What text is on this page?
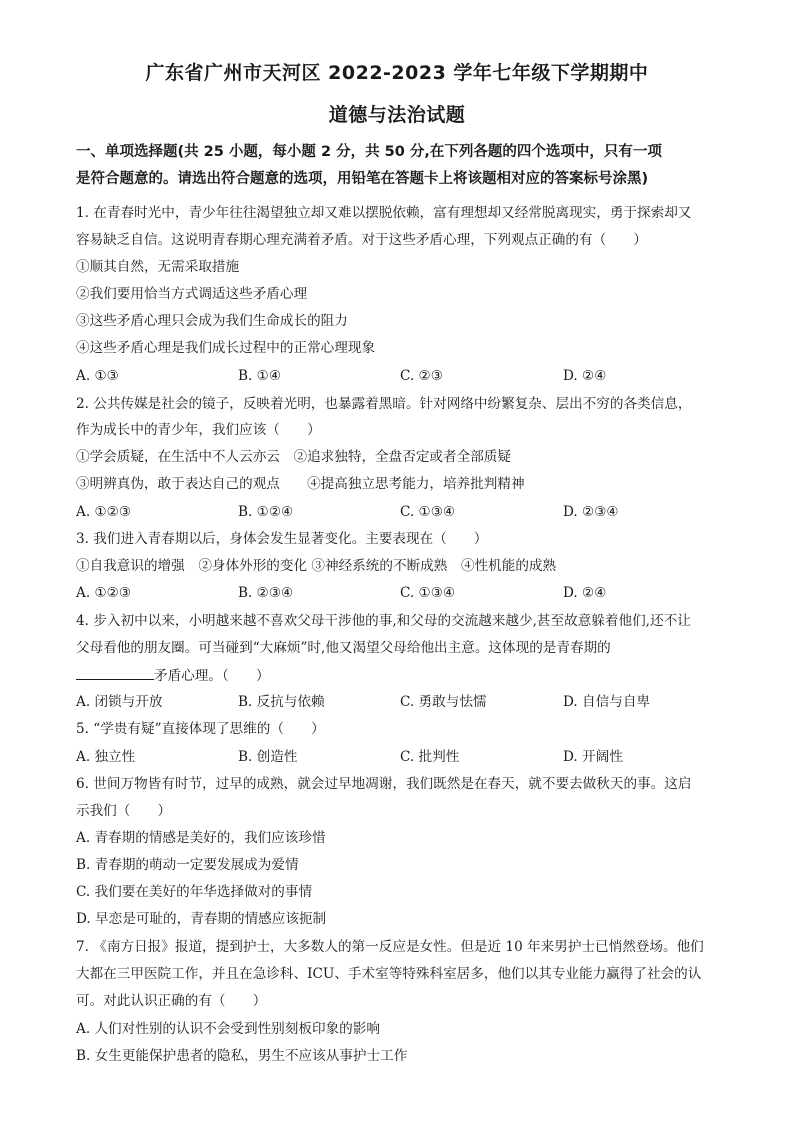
广东省广州市天河区 2022-2023 学年七年级下学期期中
道德与法治试题
一、单项选择题(共 25 小题，每小题 2 分，共 50 分,在下列各题的四个选项中，只有一项 是符合题意的。请选出符合题意的选项，用铅笔在答题卡上将该题相对应的答案标号涂黑)
1. 在青春时光中，青少年往往渴望独立却又难以摆脱依赖，富有理想却又经常脱离现实，勇于探索却又
容易缺乏自信。这说明青春期心理充满着矛盾。对于这些矛盾心理，下列观点正确的有（　　）
①顺其自然，无需采取措施
②我们要用恰当方式调适这些矛盾心理
③这些矛盾心理只会成为我们生命成长的阻力
④这些矛盾心理是我们成长过程中的正常心理现象
A. ①③	B. ①④	C. ②③	D. ②④
2. 公共传媒是社会的镜子，反映着光明，也暴露着黑暗。针对网络中纷繁复杂、层出不穷的各类信息，
作为成长中的青少年，我们应该（　　）
①学会质疑，在生活中不人云亦云　②追求独特，全盘否定或者全部质疑
③明辨真伪，敢于表达自己的观点　　④提高独立思考能力，培养批判精神
A. ①②③	B. ①②④	C. ①③④	D. ②③④
3. 我们进入青春期以后，身体会发生显著变化。主要表现在（　　）
①自我意识的增强　②身体外形的变化 ③神经系统的不断成熟　④性机能的成熟
A. ①②③	B. ②③④	C. ①③④	D. ②④
4. 步入初中以来，小明越来越不喜欢父母干涉他的事,和父母的交流越来越少,甚至故意躲着他们,还不让
父母看他的朋友圈。可当碰到“大麻烦”时,他又渴望父母给他出主意。这体现的是青春期的
矛盾心理。（　　）
A. 闭锁与开放	B. 反抗与依赖	C. 勇敢与怯懦	D. 自信与自卑
5. “学贵有疑”直接体现了思维的（　　）
A. 独立性	B. 创造性	C. 批判性	D. 开阔性
6. 世间万物皆有时节，过早的成熟，就会过早地凋谢，我们既然是在春天，就不要去做秋天的事。这启
示我们（　　）
A. 青春期的情感是美好的，我们应该珍惜
B. 青春期的萌动一定要发展成为爱情
C. 我们要在美好的年华选择做对的事情
D. 早恋是可耻的，青春期的情感应该扼制
7. 《南方日报》报道，提到护士，大多数人的第一反应是女性。但是近 10 年来男护士已悄然登场。他们
大都在三甲医院工作，并且在急诊科、ICU、手术室等特殊科室居多，他们以其专业能力赢得了社会的认
可。对此认识正确的有（　　）
A. 人们对性别的认识不会受到性别刻板印象的影响
B. 女生更能保护患者的隐私，男生不应该从事护士工作
